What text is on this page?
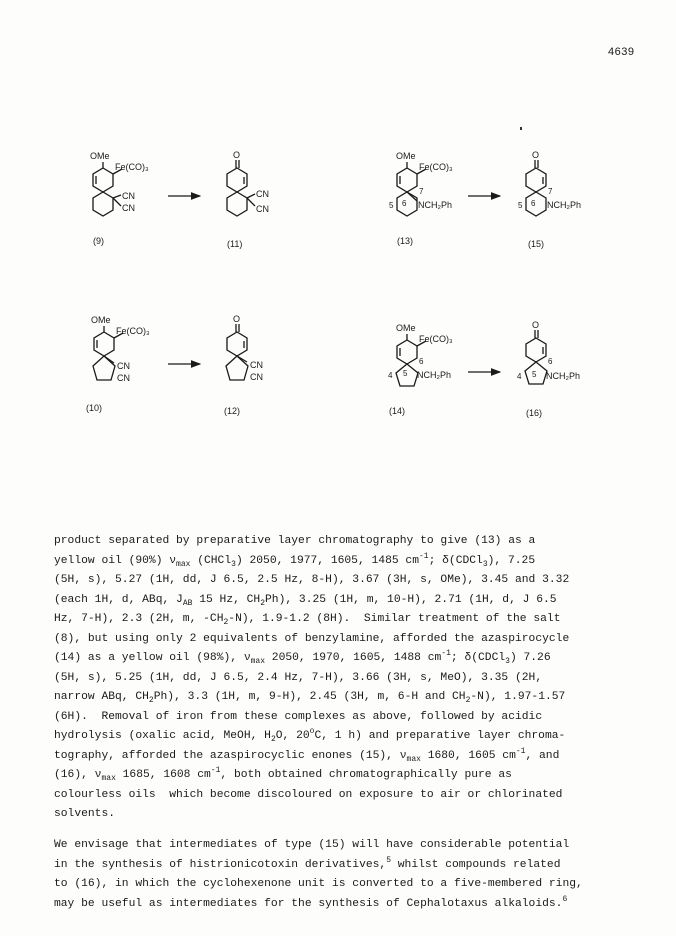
4639
OMe
Fe(CO)₃
CN
CN
(9)
O
CN
CN
(11)
OMe
Fe(CO)₃
7
5 6 NCH₂Ph
(13)
O
7
5 6 NCH₂Ph
(15)
OMe
Fe(CO)₃
CN
CN
(10)
O
CN
CN
(12)
OMe
Fe(CO)₃
6
4 5 NCH₂Ph
(14)
O
6
4 5 NCH₂Ph
(16)
product separated by preparative layer chromatography to give (13) as a
yellow oil (90%) $\nu_{max}$ (CHCl$_3$) 2050, 1977, 1605, 1485 $cm^{-1}$; δ(CDCl$_3$), 7.25
(5H, s), 5.27 (1H, dd, J 6.5, 2.5 Hz, 8-H), 3.67 (3H, s, OMe), 3.45 and 3.32
(each 1H, d, ABq, $J_{AB}$ 15 Hz, $CH_2Ph$), 3.25 (1H, m, 10-H), 2.71 (1H, d, J 6.5
Hz, 7-H), 2.3 (2H, m, $-CH_2-N$), 1.9-1.2 (8H).  Similar treatment of the salt
(8), but using only 2 equivalents of benzylamine, afforded the azaspirocycle
(14) as a yellow oil (98%), $\nu_{max}$ 2050, 1970, 1605, 1488 $cm^{-1}$; δ(CDCl$_3$) 7.26
(5H, s), 5.25 (1H, dd, J 6.5, 2.4 Hz, 7-H), 3.66 (3H, s, MeO), 3.35 (2H,
narrow ABq, $CH_2Ph$), 3.3 (1H, m, 9-H), 2.45 (3H, m, 6-H and $CH_2-N$), 1.97-1.57
(6H).  Removal of iron from these complexes as above, followed by acidic
hydrolysis (oxalic acid, MeOH, $H_2O$, 20$^o$C, 1 h) and preparative layer chroma-
tography, afforded the azaspirocyclic enones (15), $\nu_{max}$ 1680, 1605 $cm^{-1}$, and
(16), $\nu_{max}$ 1685, 1608 $cm^{-1}$, both obtained chromatographically pure as
colourless oils  which become discoloured on exposure to air or chlorinated
solvents.
We envisage that intermediates of type (15) will have considerable potential
in the synthesis of histrionicotoxin derivatives,$^5$ whilst compounds related
to (16), in which the cyclohexenone unit is converted to a five-membered ring,
may be useful as intermediates for the synthesis of Cephalotaxus alkaloids.$^6$
